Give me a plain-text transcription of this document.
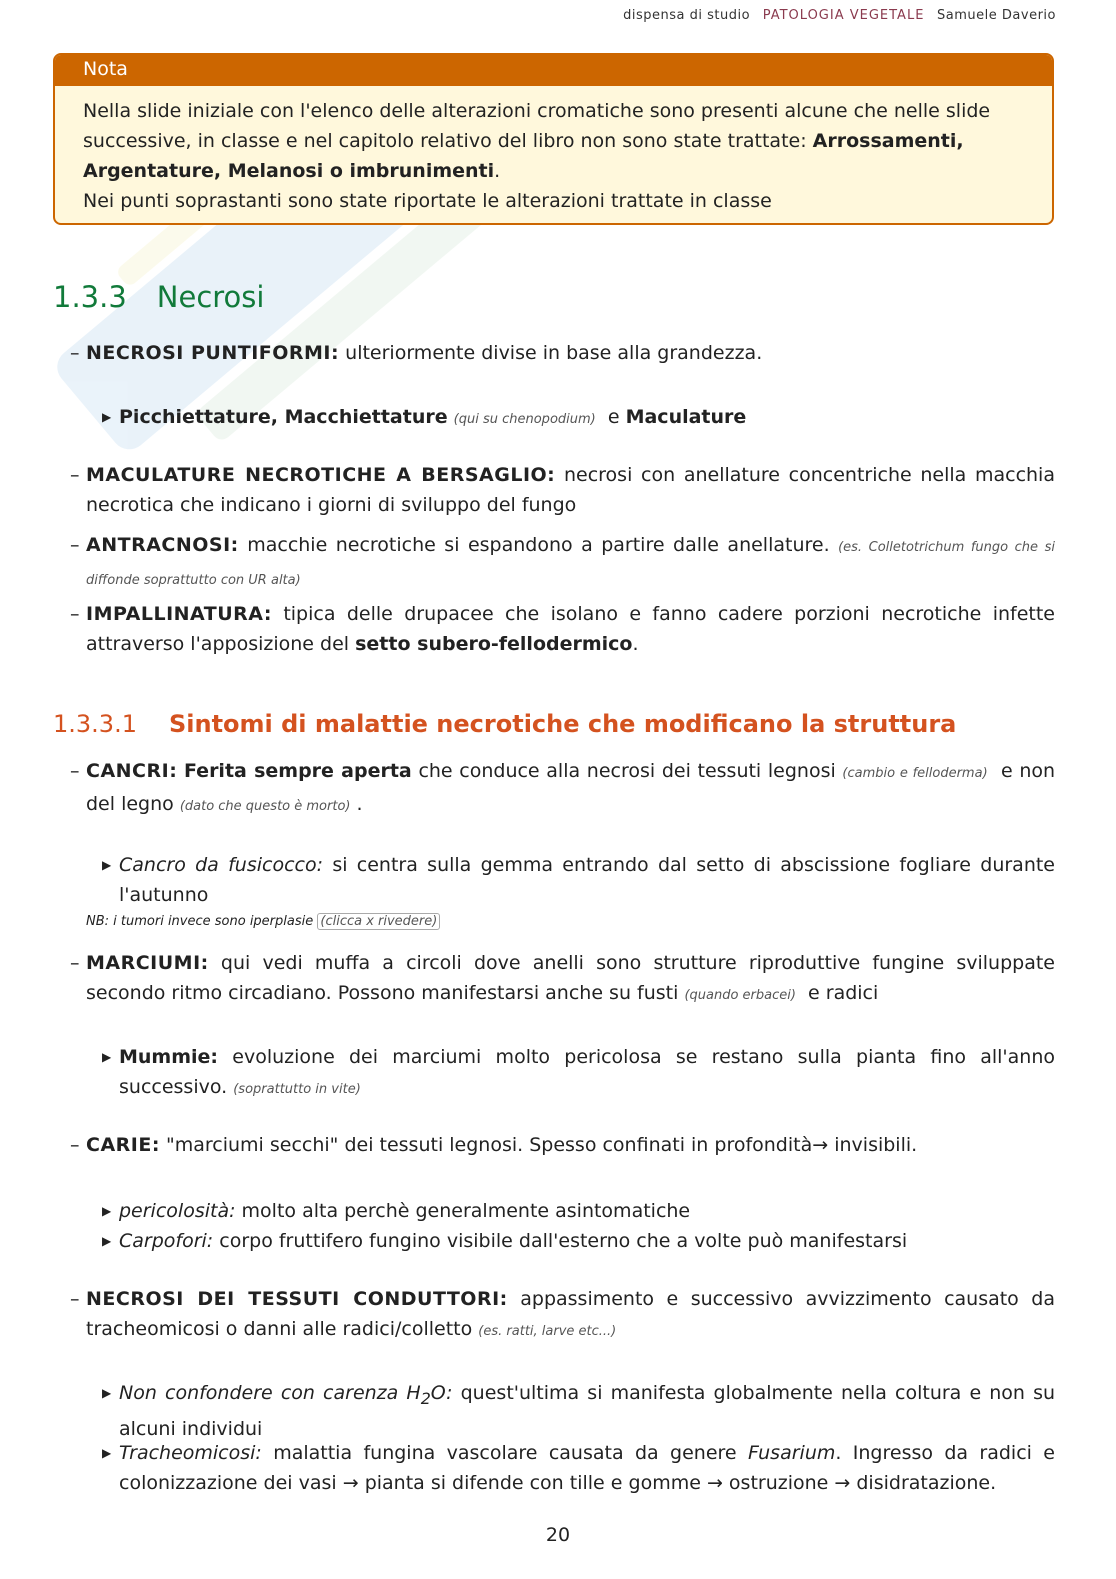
dispensa di studio PATOLOGIA VEGETALE Samuele Daverio
Nota
Nella slide iniziale con l'elenco delle alterazioni cromatiche sono presenti alcune che nelle slide successive, in classe e nel capitolo relativo del libro non sono state trattate: Arrossamenti, Argentature, Melanosi o imbrunimenti.
Nei punti soprastanti sono state riportate le alterazioni trattate in classe
1.3.3 Necrosi
– NECROSI PUNTIFORMI: ulteriormente divise in base alla grandezza.
▶ Picchiettature, Macchiettature (qui su chenopodium) e Maculature
– MACULATURE NECROTICHE A BERSAGLIO: necrosi con anellature concentriche nella macchia necrotica che indicano i giorni di sviluppo del fungo
– ANTRACNOSI: macchie necrotiche si espandono a partire dalle anellature. (es. Colletotrichum fungo che si diffonde soprattutto con UR alta)
– IMPALLINATURA: tipica delle drupacee che isolano e fanno cadere porzioni necrotiche infette attraverso l'apposizione del setto subero-fellodermico.
1.3.3.1 Sintomi di malattie necrotiche che modificano la struttura
– CANCRI: Ferita sempre aperta che conduce alla necrosi dei tessuti legnosi (cambio e felloderma) e non del legno (dato che questo è morto) .
▶ Cancro da fusicocco: si centra sulla gemma entrando dal setto di abscissione fogliare durante l'autunno
NB: i tumori invece sono iperplasie (clicca x rivedere)
– MARCIUMI: qui vedi muffa a circoli dove anelli sono strutture riproduttive fungine sviluppate secondo ritmo circadiano. Possono manifestarsi anche su fusti (quando erbacei) e radici
▶ Mummie: evoluzione dei marciumi molto pericolosa se restano sulla pianta fino all'anno successivo. (soprattutto in vite)
– CARIE: "marciumi secchi" dei tessuti legnosi. Spesso confinati in profondità→ invisibili.
▶ pericolosità: molto alta perchè generalmente asintomatiche
▶ Carpofori: corpo fruttifero fungino visibile dall'esterno che a volte può manifestarsi
– NECROSI DEI TESSUTI CONDUTTORI: appassimento e successivo avvizzimento causato da tracheomicosi o danni alle radici/colletto (es. ratti, larve etc...)
▶ Non confondere con carenza $H_2O$: quest'ultima si manifesta globalmente nella coltura e non su alcuni individui
▶ Tracheomicosi: malattia fungina vascolare causata da genere Fusarium. Ingresso da radici e colonizzazione dei vasi → pianta si difende con tille e gomme → ostruzione → disidratazione.
20
